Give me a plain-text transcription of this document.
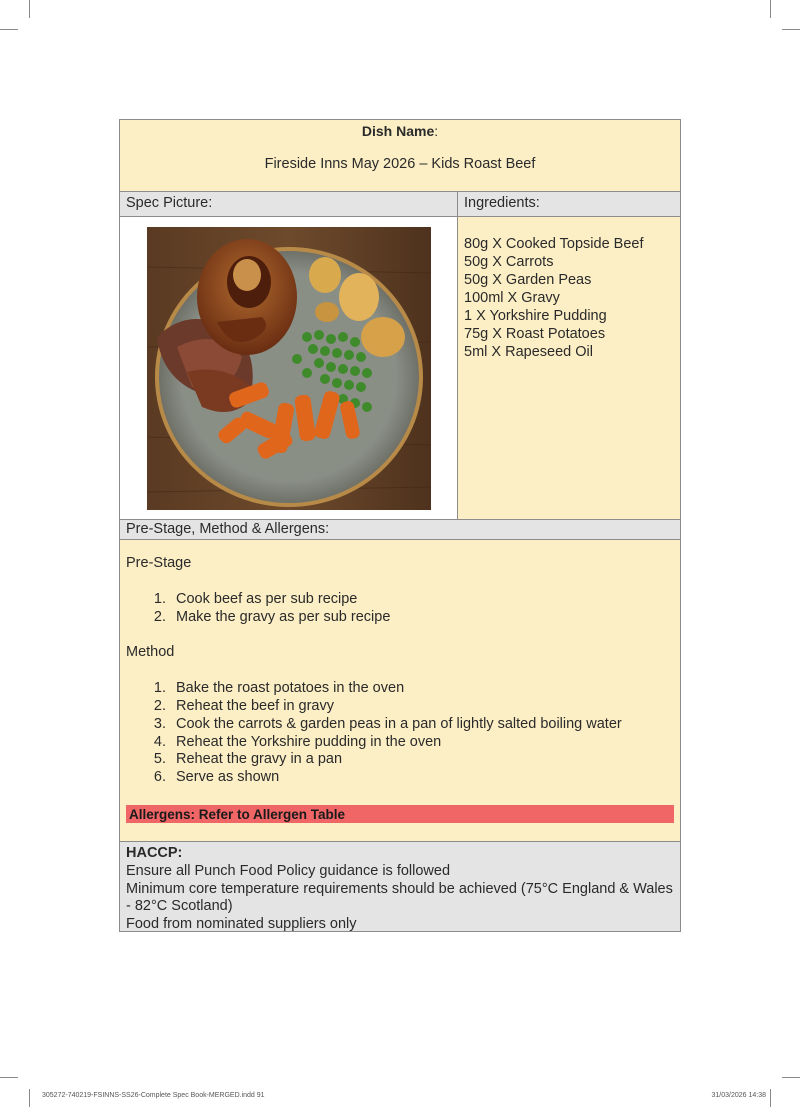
Dish Name:
Fireside Inns May 2026 – Kids Roast Beef
Spec Picture:	Ingredients:
80g X Cooked Topside Beef
50g X Carrots
50g X Garden Peas
100ml X Gravy
1 X Yorkshire Pudding
75g X Roast Potatoes
5ml X Rapeseed Oil
Pre-Stage, Method & Allergens:
Pre-Stage
1. Cook beef as per sub recipe
2. Make the gravy as per sub recipe
Method
1. Bake the roast potatoes in the oven
2. Reheat the beef in gravy
3. Cook the carrots & garden peas in a pan of lightly salted boiling water
4. Reheat the Yorkshire pudding in the oven
5. Reheat the gravy in a pan
6. Serve as shown
Allergens: Refer to Allergen Table
HACCP:
Ensure all Punch Food Policy guidance is followed
Minimum core temperature requirements should be achieved (75°C England & Wales - 82°C Scotland)
Food from nominated suppliers only
305272-740219-FSINNS-SS26-Complete Spec Book-MERGED.indd 91	31/03/2026 14:38
